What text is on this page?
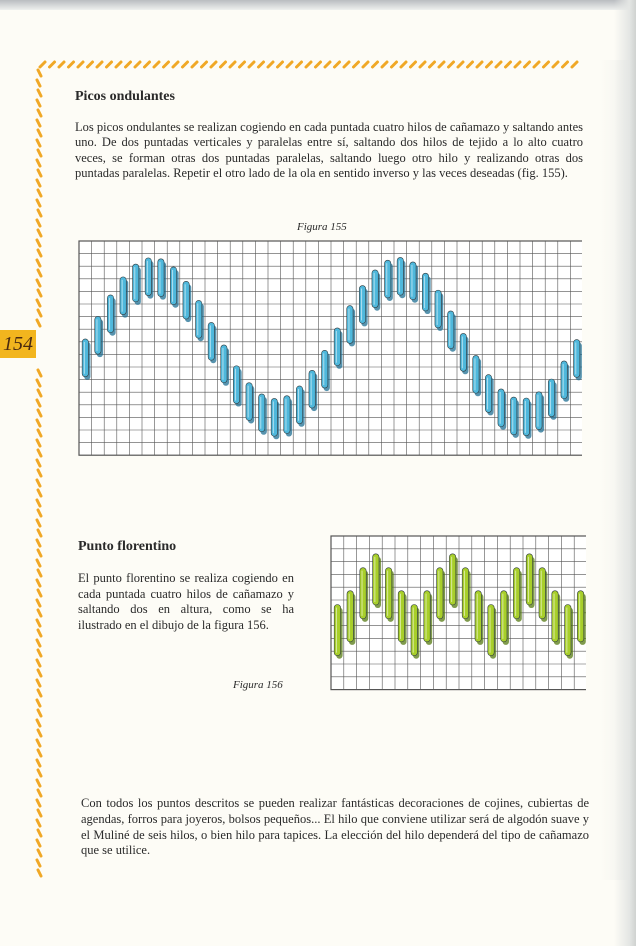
154
Picos ondulantes

Los picos ondulantes se realizan cogiendo en cada puntada cuatro hilos de cañamazo y saltando antes uno. De dos puntadas verticales y paralelas entre sí, saltando dos hilos de tejido a lo alto cuatro veces, se forman otras dos puntadas paralelas, saltando luego otro hilo y realizando otras dos puntadas paralelas. Repetir el otro lado de la ola en sentido inverso y las veces deseadas (fig. 155).

Figura 155
Punto florentino

El punto florentino se realiza cogiendo en cada puntada cuatro hilos de cañamazo y saltando dos en altura, como se ha ilustrado en el dibujo de la figura 156.

Figura 156

Con todos los puntos descritos se pueden realizar fantásticas decoraciones de cojines, cubiertas de agendas, forros para joyeros, bolsos pequeños... El hilo que conviene utilizar será de algodón suave y el Muliné de seis hilos, o bien hilo para tapices. La elección del hilo dependerá del tipo de cañamazo que se utilice.
